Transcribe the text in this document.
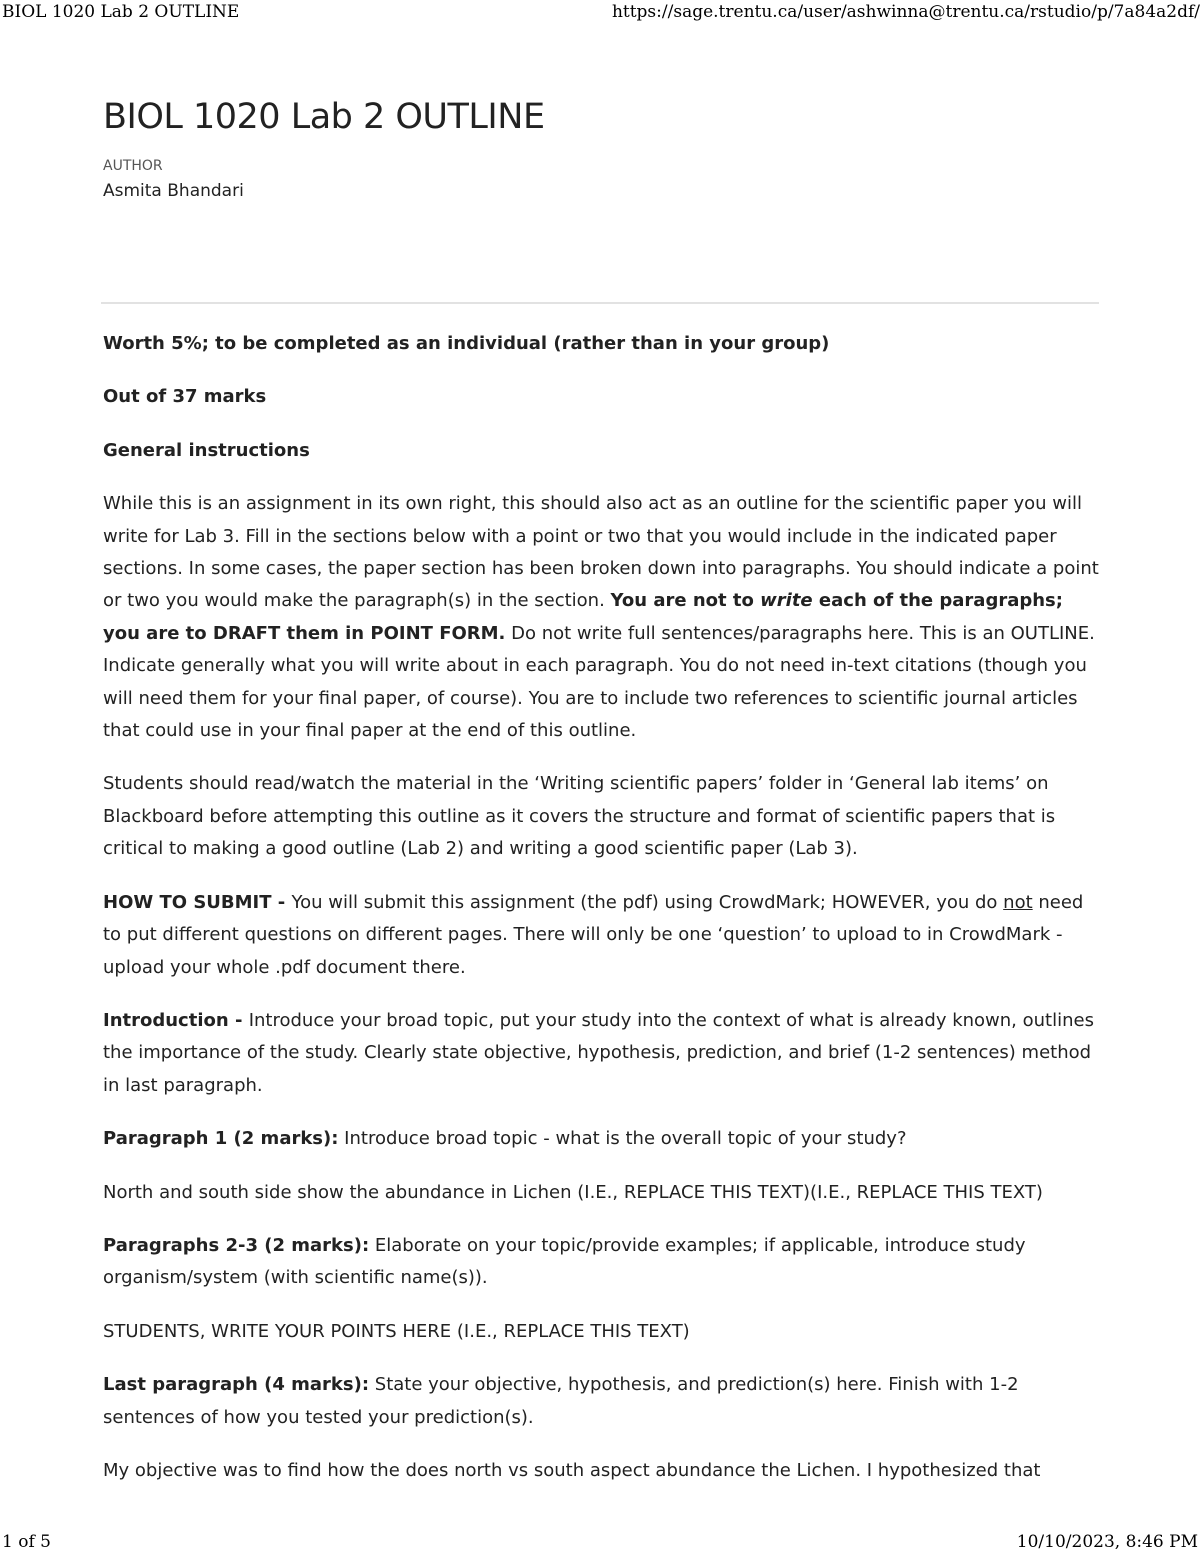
BIOL 1020 Lab 2 OUTLINE	https://sage.trentu.ca/user/ashwinna@trentu.ca/rstudio/p/7a84a2df/
BIOL 1020 Lab 2 OUTLINE
AUTHOR
Asmita Bhandari

Worth 5%; to be completed as an individual (rather than in your group)

Out of 37 marks

General instructions

While this is an assignment in its own right, this should also act as an outline for the scientific paper you will write for Lab 3. Fill in the sections below with a point or two that you would include in the indicated paper sections. In some cases, the paper section has been broken down into paragraphs. You should indicate a point or two you would make the paragraph(s) in the section. You are not to write each of the paragraphs; you are to DRAFT them in POINT FORM. Do not write full sentences/paragraphs here. This is an OUTLINE. Indicate generally what you will write about in each paragraph. You do not need in-text citations (though you will need them for your final paper, of course). You are to include two references to scientific journal articles that could use in your final paper at the end of this outline.

Students should read/watch the material in the ‘Writing scientific papers’ folder in ‘General lab items’ on Blackboard before attempting this outline as it covers the structure and format of scientific papers that is critical to making a good outline (Lab 2) and writing a good scientific paper (Lab 3).

HOW TO SUBMIT - You will submit this assignment (the pdf) using CrowdMark; HOWEVER, you do not need to put different questions on different pages. There will only be one ‘question’ to upload to in CrowdMark - upload your whole .pdf document there.

Introduction - Introduce your broad topic, put your study into the context of what is already known, outlines the importance of the study. Clearly state objective, hypothesis, prediction, and brief (1-2 sentences) method in last paragraph.

Paragraph 1 (2 marks): Introduce broad topic - what is the overall topic of your study?

North and south side show the abundance in Lichen (I.E., REPLACE THIS TEXT)(I.E., REPLACE THIS TEXT)

Paragraphs 2-3 (2 marks): Elaborate on your topic/provide examples; if applicable, introduce study organism/system (with scientific name(s)).

STUDENTS, WRITE YOUR POINTS HERE (I.E., REPLACE THIS TEXT)

Last paragraph (4 marks): State your objective, hypothesis, and prediction(s) here. Finish with 1-2 sentences of how you tested your prediction(s).

My objective was to find how the does north vs south aspect abundance the Lichen. I hypothesized that

1 of 5	10/10/2023, 8:46 PM
